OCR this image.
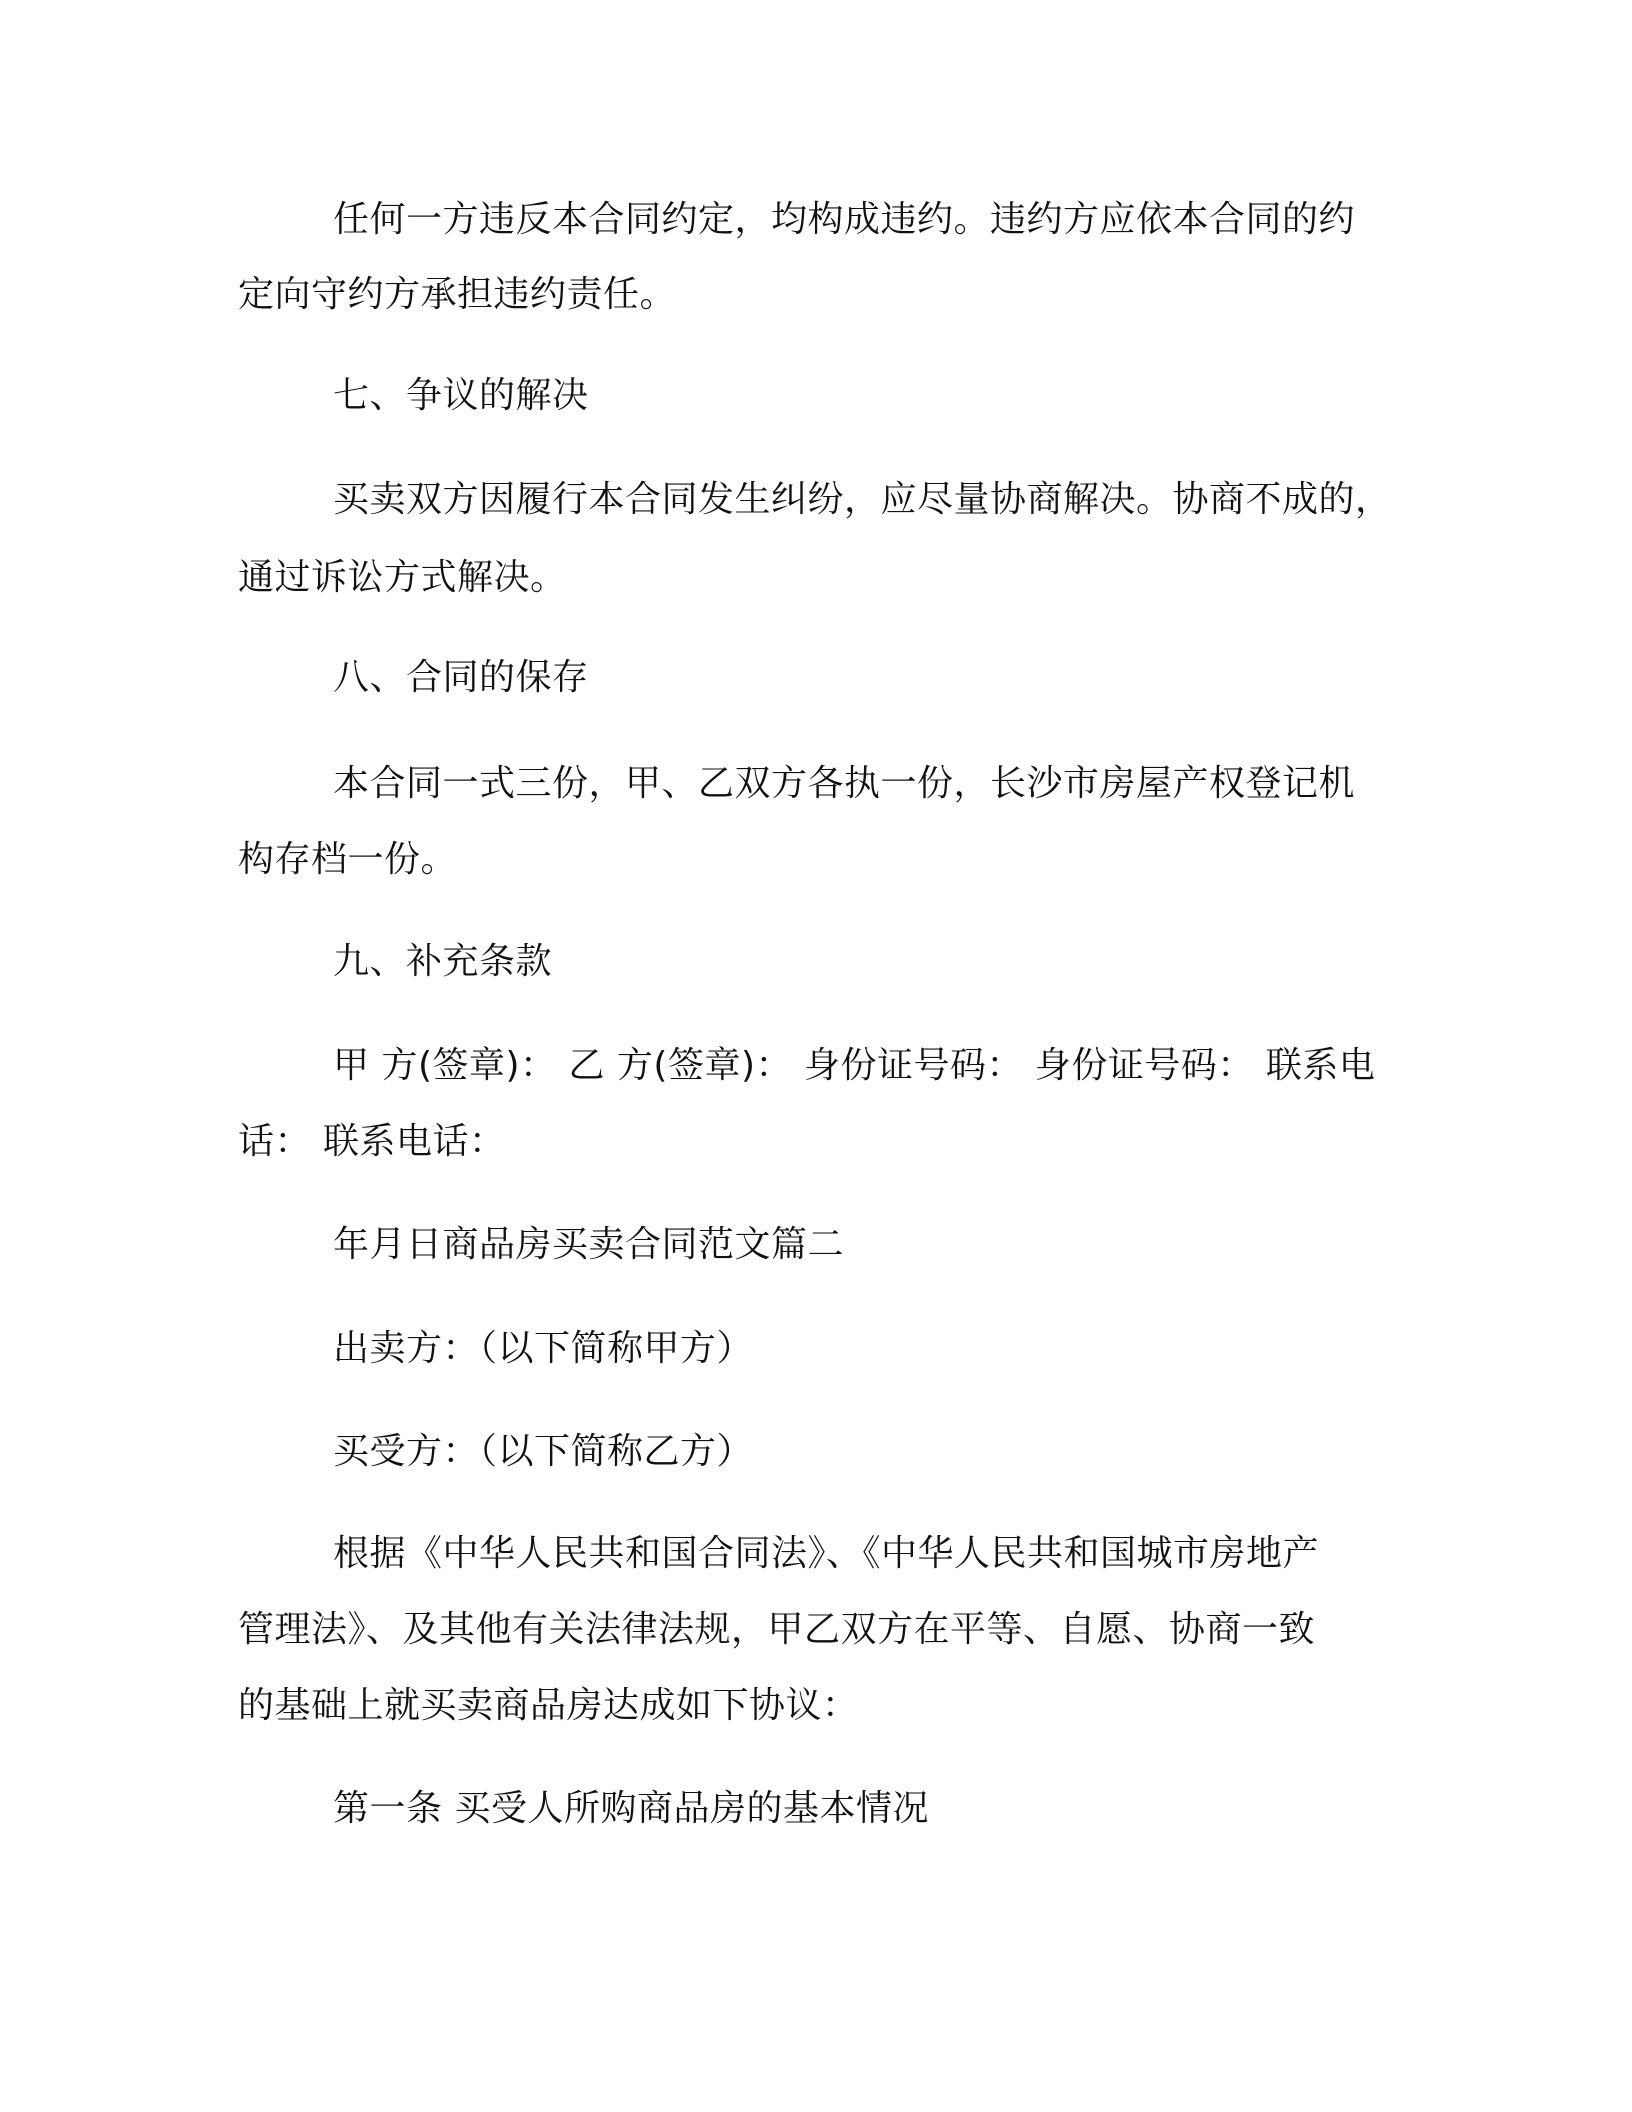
任何一方违反本合同约定，均构成违约。违约方应依本合同的约
定向守约方承担违约责任。
七、争议的解决
买卖双方因履行本合同发生纠纷，应尽量协商解决。协商不成的，
通过诉讼方式解决。
八、合同的保存
本合同一式三份，甲、乙双方各执一份，长沙市房屋产权登记机
构存档一份。
九、补充条款
甲 方(签章)： 乙 方(签章)： 身份证号码： 身份证号码： 联系电
话： 联系电话：
年月日商品房买卖合同范文篇二
出卖方：（以下简称甲方）
买受方：（以下简称乙方）
根据《中华人民共和国合同法》、《中华人民共和国城市房地产
管理法》、及其他有关法律法规，甲乙双方在平等、自愿、协商一致
的基础上就买卖商品房达成如下协议：
第一条 买受人所购商品房的基本情况
